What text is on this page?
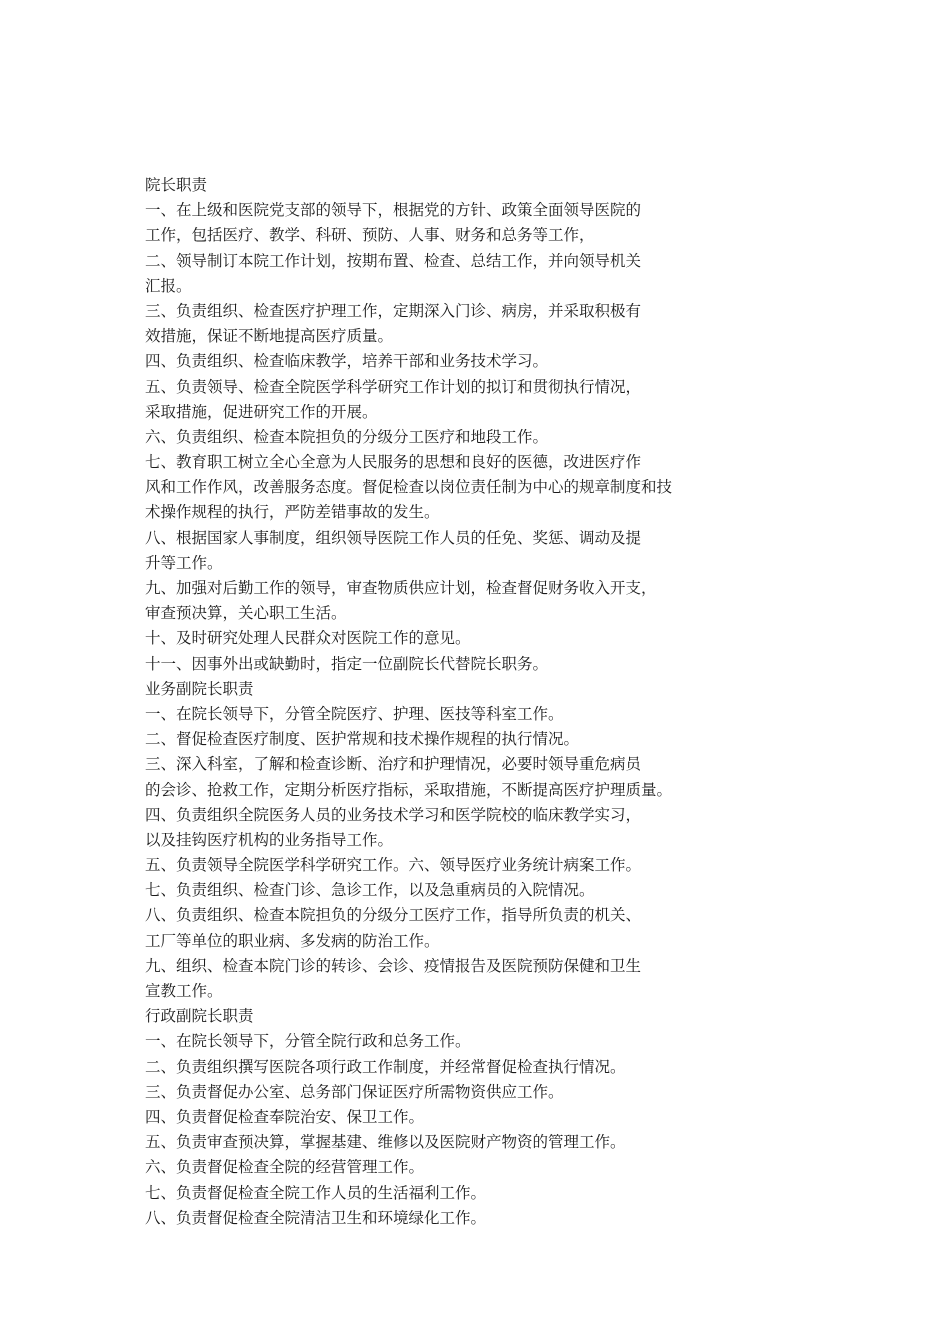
院长职责
一、在上级和医院党支部的领导下，根据党的方针、政策全面领导医院的
工作，包括医疗、教学、科研、预防、人事、财务和总务等工作，
二、领导制订本院工作计划，按期布置、检查、总结工作，并向领导机关
汇报。
三、负责组织、检查医疗护理工作，定期深入门诊、病房，并采取积极有
效措施，保证不断地提高医疗质量。
四、负责组织、检查临床教学，培养干部和业务技术学习。
五、负责领导、检查全院医学科学研究工作计划的拟订和贯彻执行情况，
采取措施，促进研究工作的开展。
六、负责组织、检查本院担负的分级分工医疗和地段工作。
七、教育职工树立全心全意为人民服务的思想和良好的医德，改进医疗作
风和工作作风，改善服务态度。督促检查以岗位责任制为中心的规章制度和技
术操作规程的执行，严防差错事故的发生。
八、根据国家人事制度，组织领导医院工作人员的任免、奖惩、调动及提
升等工作。
九、加强对后勤工作的领导，审查物质供应计划，检查督促财务收入开支，
审查预决算，关心职工生活。
十、及时研究处理人民群众对医院工作的意见。
十一、因事外出或缺勤时，指定一位副院长代替院长职务。
业务副院长职责
一、在院长领导下，分管全院医疗、护理、医技等科室工作。
二、督促检查医疗制度、医护常规和技术操作规程的执行情况。
三、深入科室，了解和检查诊断、治疗和护理情况，必要时领导重危病员
的会诊、抢救工作，定期分析医疗指标，采取措施，不断提高医疗护理质量。
四、负责组织全院医务人员的业务技术学习和医学院校的临床教学实习，
以及挂钩医疗机构的业务指导工作。
五、负责领导全院医学科学研究工作。六、领导医疗业务统计病案工作。
七、负责组织、检查门诊、急诊工作，以及急重病员的入院情况。
八、负责组织、检查本院担负的分级分工医疗工作，指导所负责的机关、
工厂等单位的职业病、多发病的防治工作。
九、组织、检查本院门诊的转诊、会诊、疫情报告及医院预防保健和卫生
宣教工作。
行政副院长职责
一、在院长领导下，分管全院行政和总务工作。
二、负责组织撰写医院各项行政工作制度，并经常督促检查执行情况。
三、负责督促办公室、总务部门保证医疗所需物资供应工作。
四、负责督促检查奉院治安、保卫工作。
五、负责审查预决算，掌握基建、维修以及医院财产物资的管理工作。
六、负责督促检查全院的经营管理工作。
七、负责督促检查全院工作人员的生活福利工作。
八、负责督促检查全院清洁卫生和环境绿化工作。
